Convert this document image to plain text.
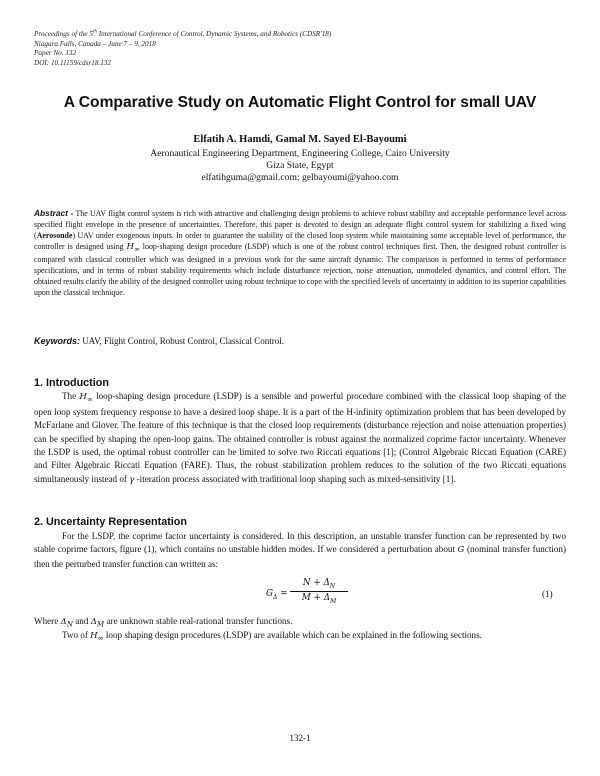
Proceedings of the 5th International Conference of Control, Dynamic Systems, and Robotics (CDSR'18)
Niagara Falls, Canada – June 7 – 9, 2018
Paper No. 132
DOI: 10.11159/cdsr18.132
A Comparative Study on Automatic Flight Control for small UAV
Elfatih A. Hamdi, Gamal M. Sayed El-Bayoumi
Aeronautical Engineering Department, Engineering College, Cairo University
Giza State, Egypt
elfatihguma@gmail.com; gelbayoumi@yahoo.com
Abstract - The UAV flight control system is rich with attractive and challenging design problems to achieve robust stability and acceptable performance level across specified flight envelope in the presence of uncertainties. Therefore, this paper is devoted to design an adequate flight control system for stabilizing a fixed wing (Aerosonde) UAV under exogenous inputs. In order to guarantee the stability of the closed loop system while maintaining some acceptable level of performance, the controller is designed using $H_\infty$ loop-shaping design procedure (LSDP) which is one of the robust control techniques first. Then, the designed robust controller is compared with classical controller which was designed in a previous work for the same aircraft dynamic. The comparison is performed in terms of performance specifications, and in terms of robust stability requirements which include disturbance rejection, noise attenuation, unmodeled dynamics, and control effort. The obtained results clarify the ability of the designed controller using robust technique to cope with the specified levels of uncertainty in addition to its superior capabilities upon the classical technique.
Keywords: UAV, Flight Control, Robust Control, Classical Control.
1. Introduction
The $H_\infty$ loop-shaping design procedure (LSDP) is a sensible and powerful procedure combined with the classical loop shaping of the open loop system frequency response to have a desired loop shape. It is a part of the H-infinity optimization problem that has been developed by McFarlane and Glover. The feature of this technique is that the closed loop requirements (disturbance rejection and noise attenuation properties) can be specified by shaping the open-loop gains. The obtained controller is robust against the normalized coprime factor uncertainty. Whenever the LSDP is used, the optimal robust controller can be limited to solve two Riccati equations [1]; (Control Algebraic Riccati Equation (CARE) and Filter Algebraic Riccati Equation (FARE). Thus, the robust stabilization problem reduces to the solution of the two Riccati equations simultaneously instead of γ -iteration process associated with traditional loop shaping such as mixed-sensitivity [1].
2. Uncertainty Representation
For the LSDP, the coprime factor uncertainty is considered. In this description, an unstable transfer function can be represented by two stable coprime factors, figure (1), which contains no unstable hidden modes. If we considered a perturbation about G (nominal transfer function) then the perturbed transfer function can written as:
$G_\Delta = \frac{N + \Delta_N}{M + \Delta_M}$	(1)
Where $\Delta_N$ and $\Delta_M$ are unknown stable real-rational transfer functions.
Two of $H_\infty$ loop shaping design procedures (LSDP) are available which can be explained in the following sections.
132-1
